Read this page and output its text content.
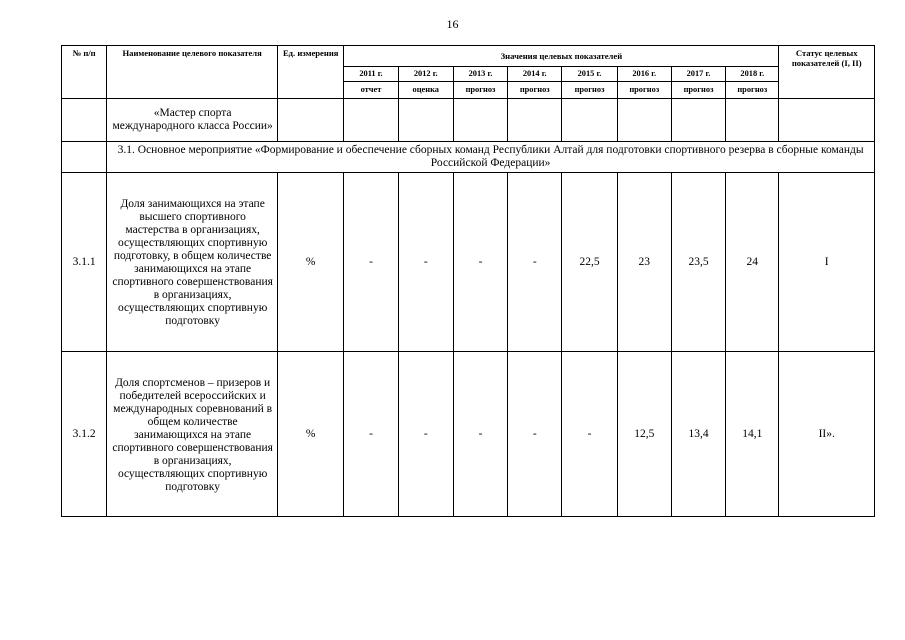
16
№ п/п	Наименование целевого показателя	Ед. измерения	Значения целевых показателей								Статус целевых показателей (I, II)
			2011 г.	2012 г.	2013 г.	2014 г.	2015 г.	2016 г.	2017 г.	2018 г.	
			отчет	оценка	прогноз	прогноз	прогноз	прогноз	прогноз	прогноз	
	«Мастер спорта международного класса России»										
	3.1. Основное мероприятие «Формирование и обеспечение сборных команд Республики Алтай для подготовки спортивного резерва в сборные команды Российской Федерации»										
3.1.1	Доля занимающихся на этапе высшего спортивного мастерства в организациях, осуществляющих спортивную подготовку, в общем количестве занимающихся на этапе спортивного совершенствования в организациях, осуществляющих спортивную подготовку	%	-	-	-	-	22,5	23	23,5	24	I
3.1.2	Доля спортсменов – призеров и победителей всероссийских и международных соревнований в общем количестве занимающихся на этапе спортивного совершенствования в организациях, осуществляющих спортивную подготовку	%	-	-	-	-	-	12,5	13,4	14,1	II».
